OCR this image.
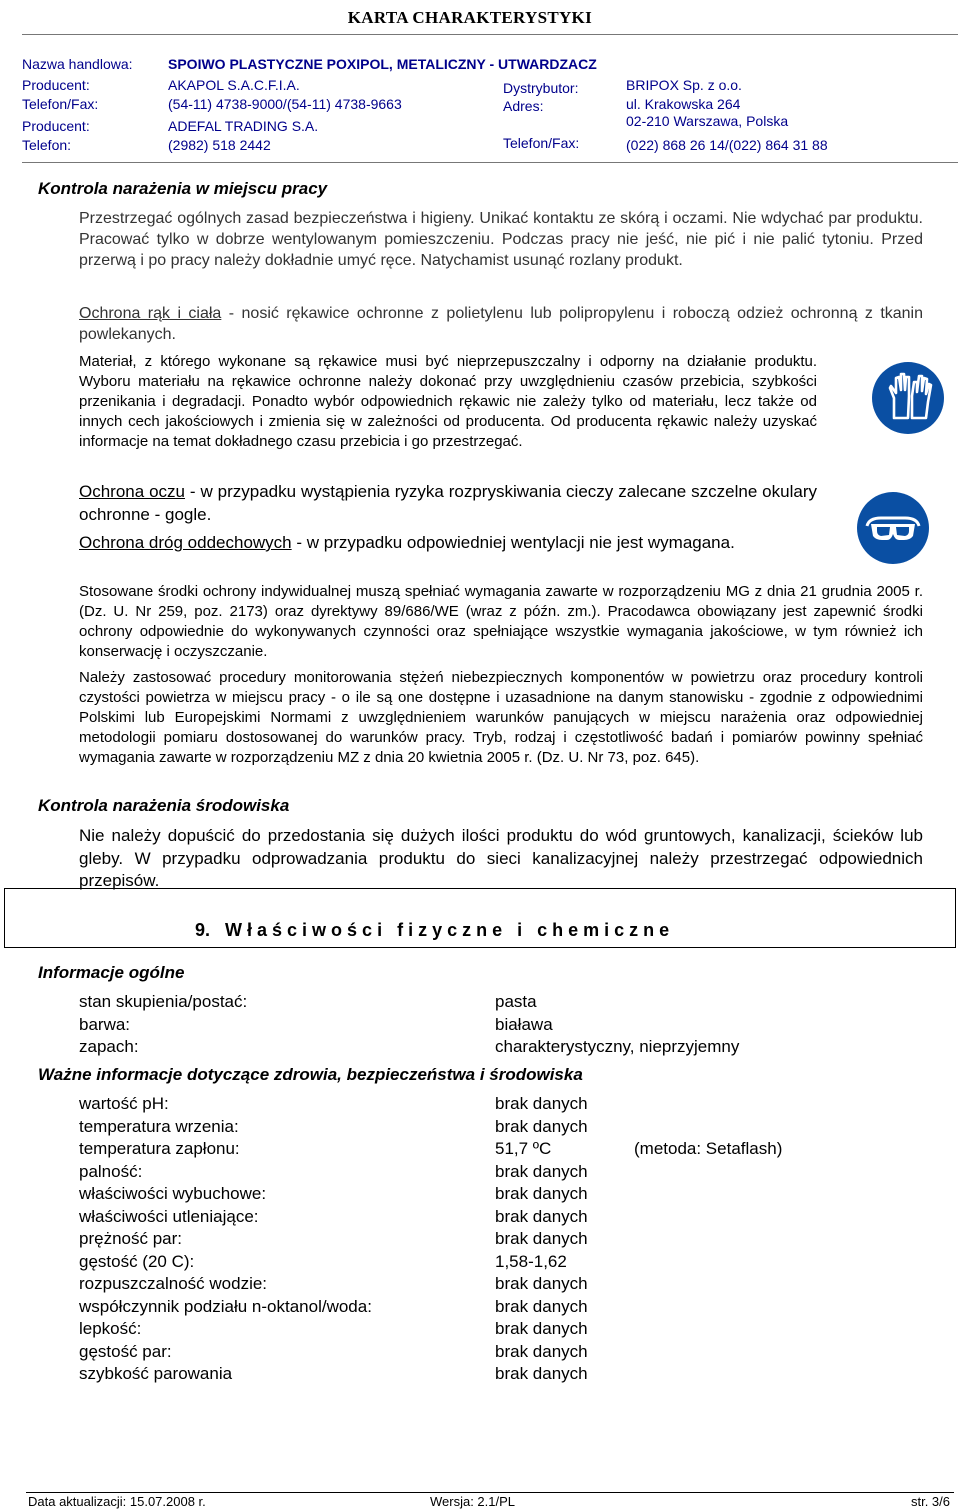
KARTA CHARAKTERYSTYKI
Nazwa handlowa:	SPOIWO PLASTYCZNE POXIPOL, METALICZNY - UTWARDZACZ
Producent:	AKAPOL S.A.C.F.I.A.
Telefon/Fax:	(54-11) 4738-9000/(54-11) 4738-9663
Producent:	ADEFAL TRADING S.A.
Telefon:	(2982) 518 2442
Dystrybutor:	BRIPOX Sp. z o.o.
Adres:	ul. Krakowska 264
02-210 Warszawa, Polska
Telefon/Fax:	(022) 868 26 14/(022) 864 31 88
Kontrola narażenia w miejscu pracy
Przestrzegać ogólnych zasad bezpieczeństwa i higieny. Unikać kontaktu ze skórą i oczami. Nie wdychać par produktu. Pracować tylko w dobrze wentylowanym pomieszczeniu. Podczas pracy nie jeść, nie pić i nie palić tytoniu. Przed przerwą i po pracy należy dokładnie umyć ręce. Natychamist usunąć rozlany produkt.
Ochrona rąk i ciała - nosić rękawice ochronne z polietylenu lub polipropylenu i roboczą odzież ochronną z tkanin powlekanych.
Materiał, z którego wykonane są rękawice musi być nieprzepuszczalny i odporny na działanie produktu. Wyboru materiału na rękawice ochronne należy dokonać przy uwzględnieniu czasów przebicia, szybkości przenikania i degradacji. Ponadto wybór odpowiednich rękawic nie zależy tylko od materiału, lecz także od innych cech jakościowych i zmienia się w zależności od producenta. Od producenta rękawic należy uzyskać informacje na temat dokładnego czasu przebicia i go przestrzegać.
Ochrona oczu - w przypadku wystąpienia ryzyka rozpryskiwania cieczy zalecane szczelne okulary ochronne - gogle.
Ochrona dróg oddechowych - w przypadku odpowiedniej wentylacji nie jest wymagana.
Stosowane środki ochrony indywidualnej muszą spełniać wymagania zawarte w rozporządzeniu MG z dnia 21 grudnia 2005 r. (Dz. U. Nr 259, poz. 2173) oraz dyrektywy 89/686/WE (wraz z późn. zm.). Pracodawca obowiązany jest zapewnić środki ochrony odpowiednie do wykonywanych czynności oraz spełniające wszystkie wymagania jakościowe, w tym również ich konserwację i oczyszczanie.
Należy zastosować procedury monitorowania stężeń niebezpiecznych komponentów w powietrzu oraz procedury kontroli czystości powietrza w miejscu pracy - o ile są one dostępne i uzasadnione na danym stanowisku - zgodnie z odpowiednimi Polskimi lub Europejskimi Normami z uwzględnieniem warunków panujących w miejscu narażenia oraz odpowiedniej metodologii pomiaru dostosowanej do warunków pracy. Tryb, rodzaj i częstotliwość badań i pomiarów powinny spełniać wymagania zawarte w rozporządzeniu MZ z dnia 20 kwietnia 2005 r. (Dz. U. Nr 73, poz. 645).
Kontrola narażenia środowiska
Nie należy dopuścić do przedostania się dużych ilości produktu do wód gruntowych, kanalizacji, ścieków lub gleby. W przypadku odprowadzania produktu do sieci kanalizacyjnej należy przestrzegać odpowiednich przepisów.
9.   W ł a ś c i w o ś c i   f i z y c z n e   i   c h e m i c z n e
Informacje ogólne
stan skupienia/postać:	pasta
barwa:	biaława
zapach:	charakterystyczny, nieprzyjemny
Ważne informacje dotyczące zdrowia, bezpieczeństwa i środowiska
wartość pH:	brak danych
temperatura wrzenia:	brak danych
temperatura zapłonu:	51,7 ºC	(metoda: Setaflash)
palność:	brak danych
właściwości wybuchowe:	brak danych
właściwości utleniające:	brak danych
prężność par:	brak danych
gęstość (20 C):	1,58-1,62
rozpuszczalność wodzie:	brak danych
współczynnik podziału n-oktanol/woda:	brak danych
lepkość:	brak danych
gęstość par:	brak danych
szybkość parowania	brak danych
Data aktualizacji: 15.07.2008 r.	Wersja: 2.1/PL	str. 3/6
